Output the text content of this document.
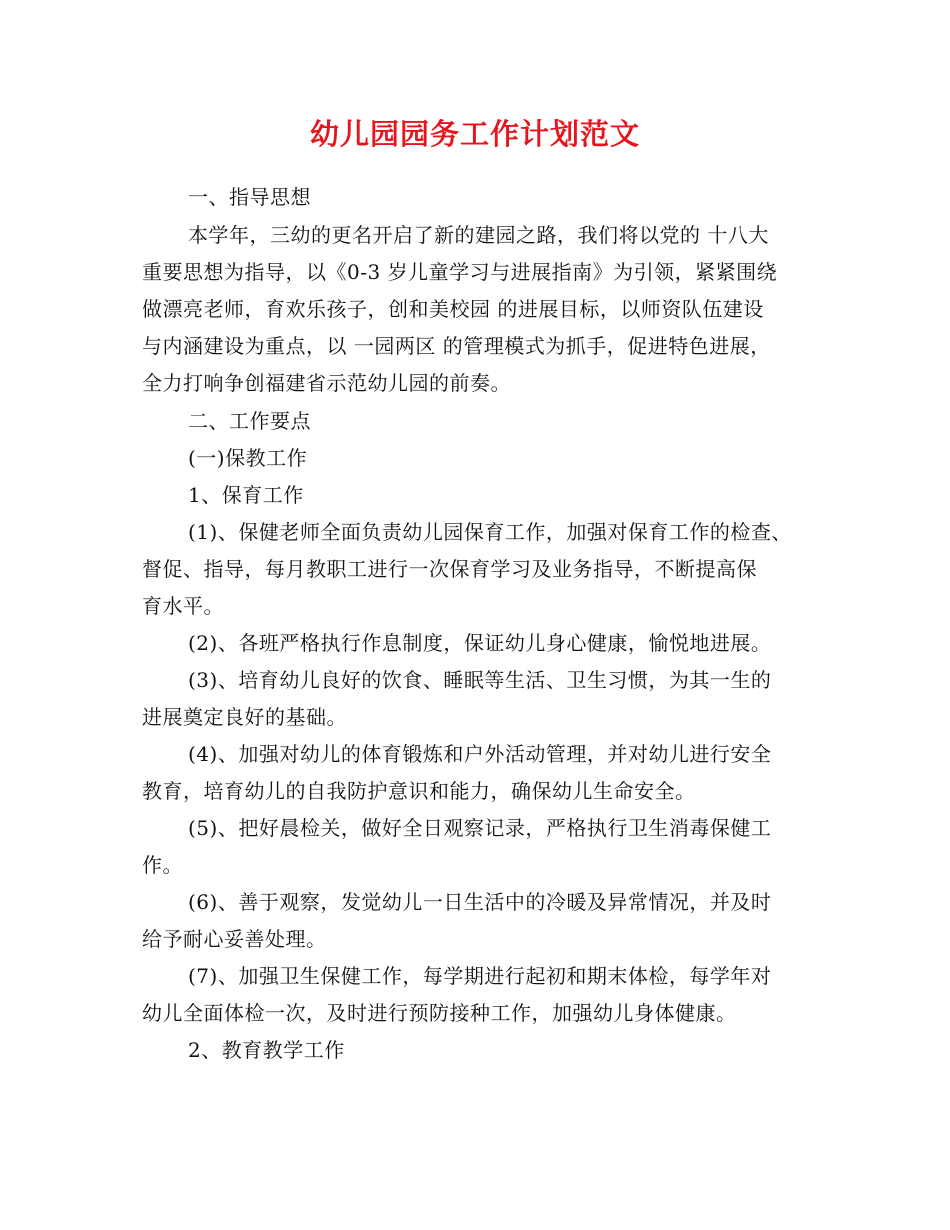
幼儿园园务工作计划范文
一、指导思想
本学年，三幼的更名开启了新的建园之路，我们将以党的 十八大
重要思想为指导，以《0-3 岁儿童学习与进展指南》为引领，紧紧围绕
做漂亮老师，育欢乐孩子，创和美校园 的进展目标，以师资队伍建设
与内涵建设为重点，以 一园两区 的管理模式为抓手，促进特色进展，
全力打响争创福建省示范幼儿园的前奏。
二、工作要点
(一)保教工作
1、保育工作
(1)、保健老师全面负责幼儿园保育工作，加强对保育工作的检查、
督促、指导，每月教职工进行一次保育学习及业务指导，不断提高保
育水平。
(2)、各班严格执行作息制度，保证幼儿身心健康，愉悦地进展。
(3)、培育幼儿良好的饮食、睡眠等生活、卫生习惯，为其一生的
进展奠定良好的基础。
(4)、加强对幼儿的体育锻炼和户外活动管理，并对幼儿进行安全
教育，培育幼儿的自我防护意识和能力，确保幼儿生命安全。
(5)、把好晨检关，做好全日观察记录，严格执行卫生消毒保健工
作。
(6)、善于观察，发觉幼儿一日生活中的冷暖及异常情况，并及时
给予耐心妥善处理。
(7)、加强卫生保健工作，每学期进行起初和期末体检，每学年对
幼儿全面体检一次，及时进行预防接种工作，加强幼儿身体健康。
2、教育教学工作
